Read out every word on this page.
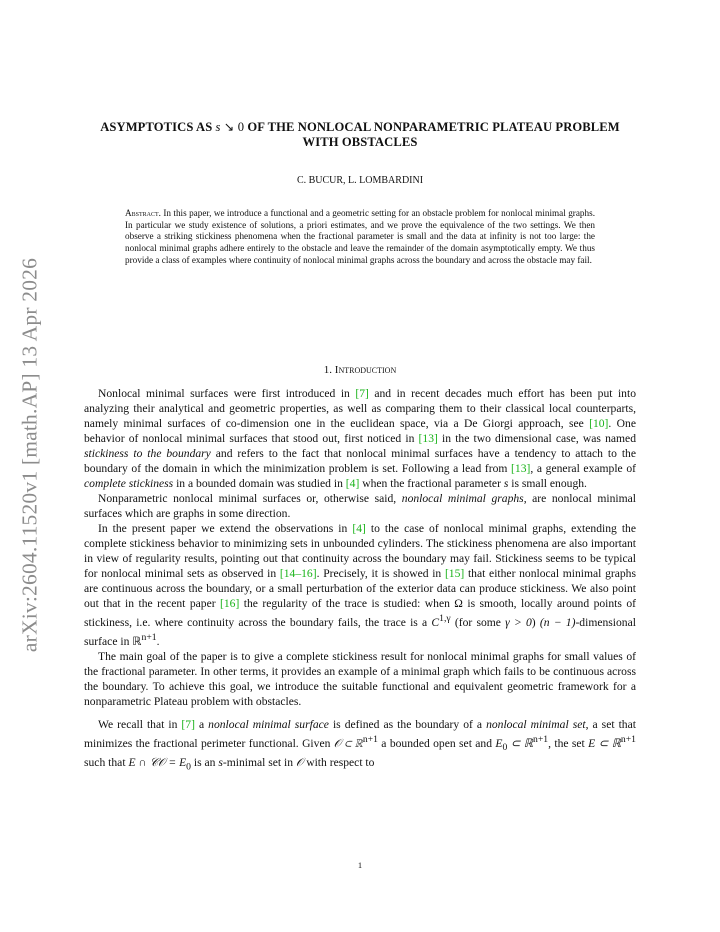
arXiv:2604.11520v1 [math.AP] 13 Apr 2026
ASYMPTOTICS AS s ↘ 0 OF THE NONLOCAL NONPARAMETRIC PLATEAU PROBLEM WITH OBSTACLES
C. BUCUR, L. LOMBARDINI
Abstract. In this paper, we introduce a functional and a geometric setting for an obstacle problem for nonlocal minimal graphs. In particular we study existence of solutions, a priori estimates, and we prove the equivalence of the two settings. We then observe a striking stickiness phenomena when the fractional parameter is small and the data at infinity is not too large: the nonlocal minimal graphs adhere entirely to the obstacle and leave the remainder of the domain asymptotically empty. We thus provide a class of examples where continuity of nonlocal minimal graphs across the boundary and across the obstacle may fail.
1. Introduction

Nonlocal minimal surfaces were first introduced in [7] and in recent decades much effort has been put into analyzing their analytical and geometric properties, as well as comparing them to their classical local counterparts, namely minimal surfaces of co-dimension one in the euclidean space, via a De Giorgi approach, see [10]. One behavior of nonlocal minimal surfaces that stood out, first noticed in [13] in the two dimensional case, was named stickiness to the boundary and refers to the fact that nonlocal minimal surfaces have a tendency to attach to the boundary of the domain in which the minimization problem is set. Following a lead from [13], a general example of complete stickiness in a bounded domain was studied in [4] when the fractional parameter s is small enough.

Nonparametric nonlocal minimal surfaces or, otherwise said, nonlocal minimal graphs, are nonlocal minimal surfaces which are graphs in some direction.

In the present paper we extend the observations in [4] to the case of nonlocal minimal graphs, extending the complete stickiness behavior to minimizing sets in unbounded cylinders. The stickiness phenomena are also important in view of regularity results, pointing out that continuity across the boundary may fail. Stickiness seems to be typical for nonlocal minimal sets as observed in [14–16]. Precisely, it is showed in [15] that either nonlocal minimal graphs are continuous across the boundary, or a small perturbation of the exterior data can produce stickiness. We also point out that in the recent paper [16] the regularity of the trace is studied: when Ω is smooth, locally around points of stickiness, i.e. where continuity across the boundary fails, the trace is a $C^{1,\gamma}$ (for some γ > 0) (n − 1)-dimensional surface in ℝ$^{n+1}$.

The main goal of the paper is to give a complete stickiness result for nonlocal minimal graphs for small values of the fractional parameter. In other terms, it provides an example of a minimal graph which fails to be continuous across the boundary. To achieve this goal, we introduce the suitable functional and equivalent geometric framework for a nonparametric Plateau problem with obstacles.

We recall that in [7] a nonlocal minimal surface is defined as the boundary of a nonlocal minimal set, a set that minimizes the fractional perimeter functional. Given 𝒪 ⊂ ℝ$^{n+1}$ a bounded open set and $E_0$ ⊂ ℝ$^{n+1}$, the set E ⊂ ℝ$^{n+1}$ such that E ∩ 𝒞𝒪 = $E_0$ is an s-minimal set in 𝒪 with respect to

1
